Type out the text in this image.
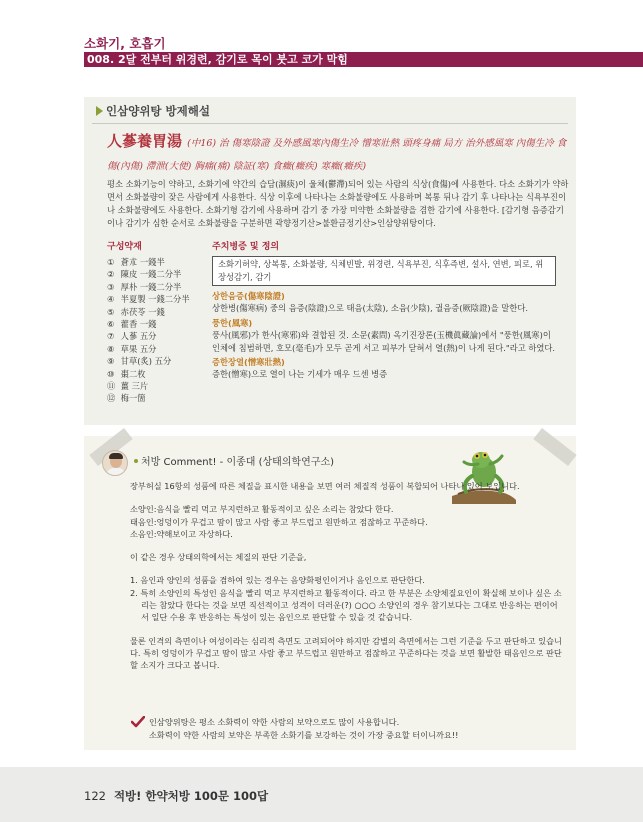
소화기, 호흡기
008. 2달 전부터 위경련, 감기로 목이 붓고 코가 막힘
인삼양위탕 방제해설
人蔘養胃湯 (中16) 治 傷寒陰證 及外感風寒內傷生冷 憎寒壯熱 頭疼身痛 局方 治外感風寒 內傷生冷 食傷(內傷) 滯泄(大便) 胸痛(痛) 陰証(寒) 食癥(癥疾) 寒癥(癥疾)
평소 소화기능이 약하고, 소화기에 약간의 습담(濕痰)이 울체(鬱滯)되어 있는 사람의 식상(食傷)에 사용한다. 다소 소화기가 약하면서 소화불량이 잦은 사람에게 사용한다. 식상 이후에 나타나는 소화불량에도 사용하며 복통 뒤나 감기 후 나타나는 식욕부진이나 소화불량에도 사용한다. 소화기형 감기에 사용하며 감기 중 가장 미약한 소화불량을 겸한 감기에 사용한다. [감기형 음증감기이나 감기가 심한 순서로 소화불량을 구분하면 곽향정기산>불환금정기산>인삼양위탕이다.
구성약재	주치병증 및 정의
① 蒼朮 一錢半
② 陳皮 一錢二分半
③ 厚朴 一錢二分半
④ 半夏製 一錢二分半
⑤ 赤茯苓 一錢
⑥ 藿香 一錢
⑦ 人蔘 五分
⑧ 草果 五分
⑨ 甘草(炙) 五分
⑩ 棗二枚
⑪ 薑 三片
⑫ 梅一箇
소화기허약, 상복통, 소화불량, 식체빈발, 위경련, 식욕부진, 식후즉변, 설사, 연변, 피로, 위장성감기, 감기
상한음증(傷寒陰證)
상한병(傷寒病) 중의 음증(陰證)으로 태음(太陰), 소음(少陰), 궐음증(厥陰證)을 말한다.
풍한(風寒)
풍사(風邪)가 한사(寒邪)와 결합된 것. 소문(素問) 옥기진장론(玉機眞藏論)에서 "풍한(風寒)이 인체에 침범하면, 호모(毫毛)가 모두 곧게 서고 피부가 닫혀서 열(熱)이 나게 된다."라고 하였다.
증한장열(憎寒壯熱)
증한(憎寒)으로 열이 나는 기세가 매우 드센 병증
처방 Comment! - 이종대 (상태의학연구소)

장부허실 16항의 성품에 따른 체질을 표시한 내용을 보면 여러 체질적 성품이 복합되어 나타나 있어 보입니다.

소양인:음식을 빨리 먹고 부지런하고 활동적이고 싶은 소리는 참았다 한다.

태음인:엉덩이가 무겁고 땀이 많고 사람 좋고 부드럽고 원만하고 점잖하고 꾸준하다.

소음인:약해보이고 자상하다.

이 같은 경우 상태의학에서는 체질의 판단 기준을,

1. 음인과 양인의 성품을 겸하여 있는 경우는 음양화평인이거나 음인으로 판단한다.
2. 특히 소양인의 특성인 음식을 빨리 먹고 부지런하고 활동적이다. 라고 한 부분은 소양체질요인이 확실해 보이나 싶은 소리는 참았다 한다는 것을 보면 직선적이고 성격이 더러운(?) ○○○ 소양인의 경우 참기보다는 그대로 반응하는 편이어서 일단 수용 후 반응하는 특성이 있는 음인으로 판단할 수 있을 것 같습니다.

물론 인격의 측면이나 여성이라는 심리적 측면도 고려되어야 하지만 감별의 측면에서는 그런 기준을 두고 판단하고 있습니다. 특히 엉덩이가 무겁고 땀이 많고 사람 좋고 부드럽고 원만하고 점잖하고 꾸준하다는 것을 보면 활발한 태음인으로 판단할 소지가 크다고 봅니다.

인삼양위탕은 평소 소화력이 약한 사람의 보약으로도 많이 사용합니다.
소화력이 약한 사람의 보약은 부족한 소화기를 보강하는 것이 가장 중요할 터이니까요!!
122 적방! 한약처방 100문 100답
